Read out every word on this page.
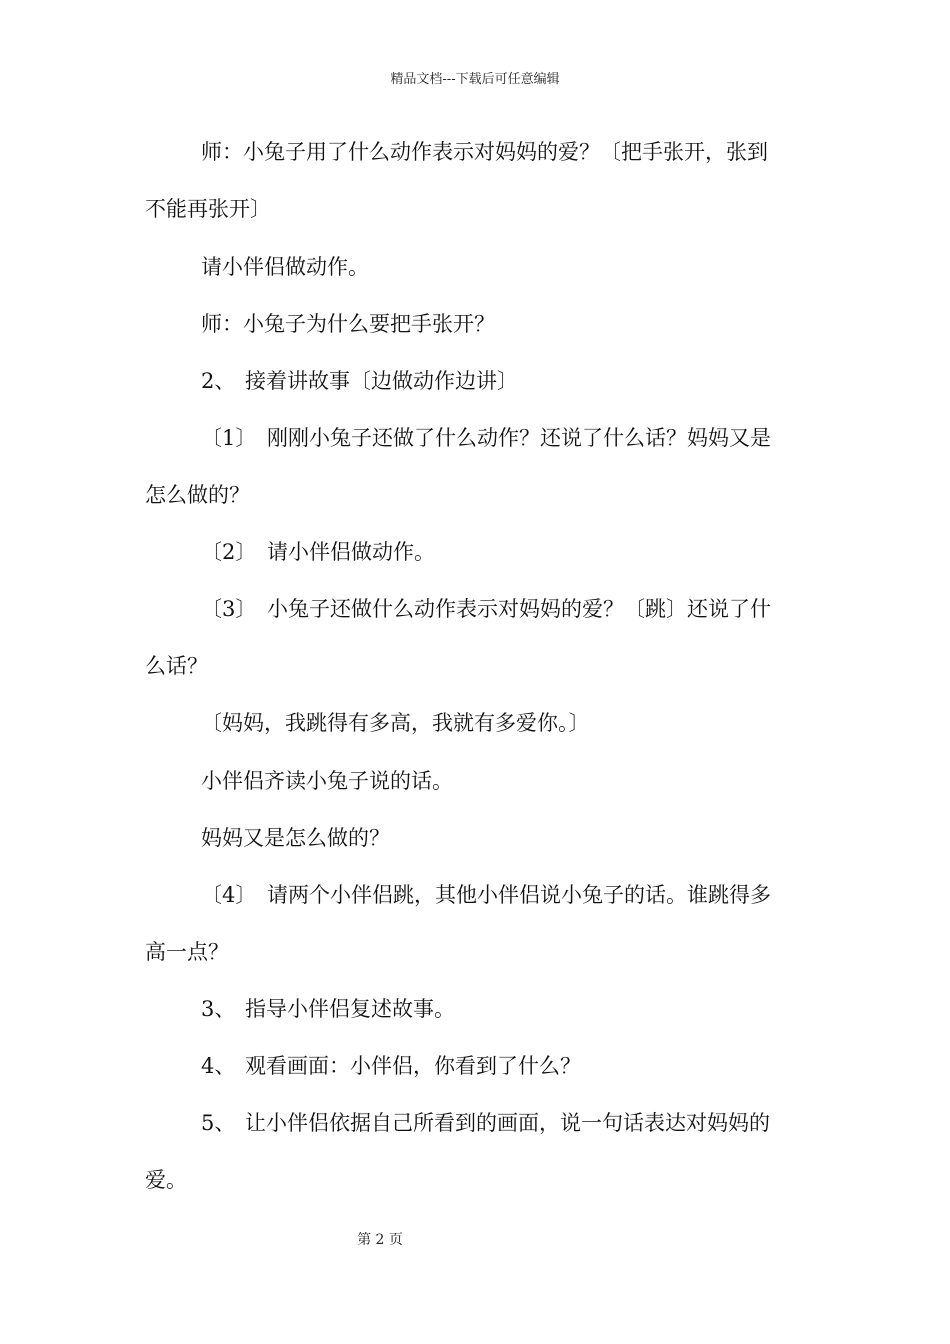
精品文档---下载后可任意编辑
师：小兔子用了什么动作表示对妈妈的爱？〔把手张开，张到
不能再张开〕
请小伴侣做动作。
师：小兔子为什么要把手张开？
2、 接着讲故事〔边做动作边讲〕
〔1〕 刚刚小兔子还做了什么动作？还说了什么话？妈妈又是
怎么做的？
〔2〕 请小伴侣做动作。
〔3〕 小兔子还做什么动作表示对妈妈的爱？〔跳〕还说了什
么话？
〔妈妈，我跳得有多高，我就有多爱你。〕
小伴侣齐读小兔子说的话。
妈妈又是怎么做的？
〔4〕 请两个小伴侣跳，其他小伴侣说小兔子的话。谁跳得多
高一点？
3、 指导小伴侣复述故事。
4、 观看画面：小伴侣，你看到了什么？
5、 让小伴侣依据自己所看到的画面，说一句话表达对妈妈的
爱。
第 2 页
